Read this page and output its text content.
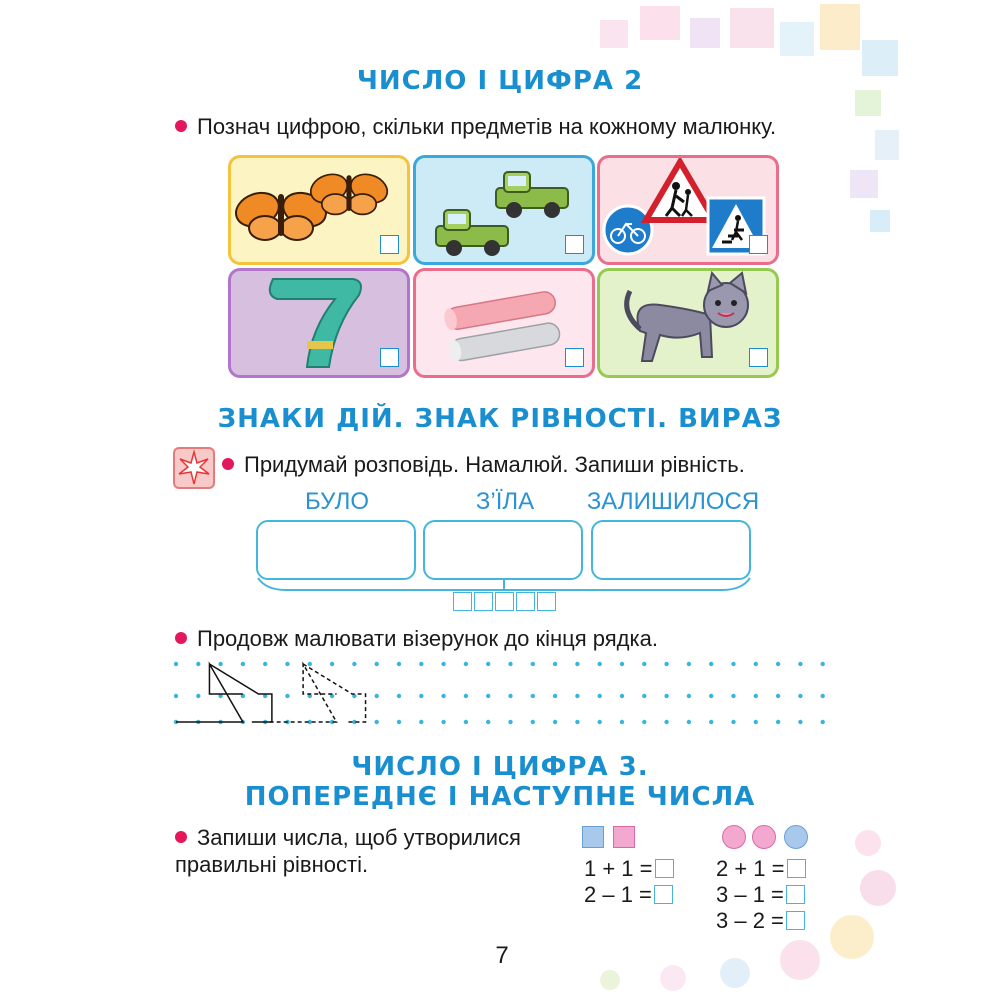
ЧИСЛО І ЦИФРА 2
Познач цифрою, скільки предметів на кожному малюнку.
ЗНАКИ ДІЙ. ЗНАК РІВНОСТІ. ВИРАЗ
Придумай розповідь. Намалюй. Запиши рівність.
БУЛО	З’ЇЛА	ЗАЛИШИЛОСЯ
Продовж малювати візерунок до кінця рядка.
ЧИСЛО І ЦИФРА 3.
ПОПЕРЕДНЄ І НАСТУПНЕ ЧИСЛА
Запиши числа, щоб утворилися
правильні рівності.	1 + 1 =
2 – 1 =
2 + 1 =
3 – 1 =
3 – 2 =
7
